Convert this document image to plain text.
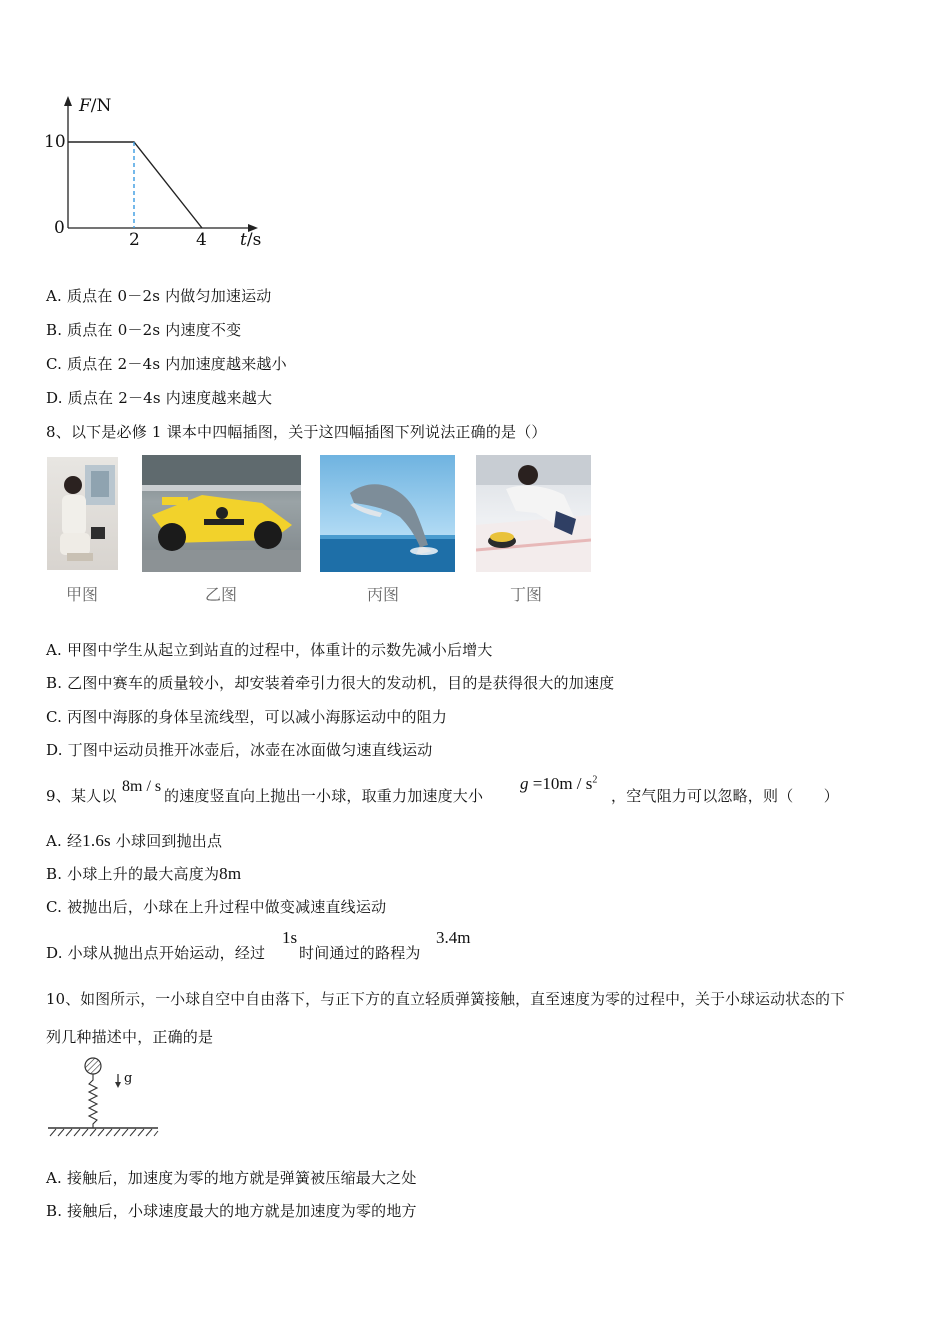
F/N
10
0
2	4 t/s
A. 质点在 0－2s 内做匀加速运动
B. 质点在 0－2s 内速度不变
C. 质点在 2－4s 内加速度越来越小
D. 质点在 2－4s 内速度越来越大
8、以下是必修 1 课本中四幅插图，关于这四幅插图下列说法正确的是（）
甲图	乙图	丙图	丁图
A. 甲图中学生从起立到站直的过程中，体重计的示数先减小后增大
B. 乙图中赛车的质量较小，却安装着牵引力很大的发动机，目的是获得很大的加速度
C. 丙图中海豚的身体呈流线型，可以减小海豚运动中的阻力
D. 丁图中运动员推开冰壶后，冰壶在冰面做匀速直线运动
9、某人以
8m / s
的速度竖直向上抛出一小球，取重力加速度大小
$g =10m / s^2$
，空气阻力可以忽略，则（　　）
A. 经1.6s 小球回到抛出点
B. 小球上升的最大高度为8m
C. 被抛出后，小球在上升过程中做变减速直线运动
D. 小球从抛出点开始运动，经过
1s
时间通过的路程为
3.4m
10、如图所示，一小球自空中自由落下，与正下方的直立轻质弹簧接触，直至速度为零的过程中，关于小球运动状态的下
列几种描述中，正确的是
g
A. 接触后，加速度为零的地方就是弹簧被压缩最大之处
B. 接触后，小球速度最大的地方就是加速度为零的地方
